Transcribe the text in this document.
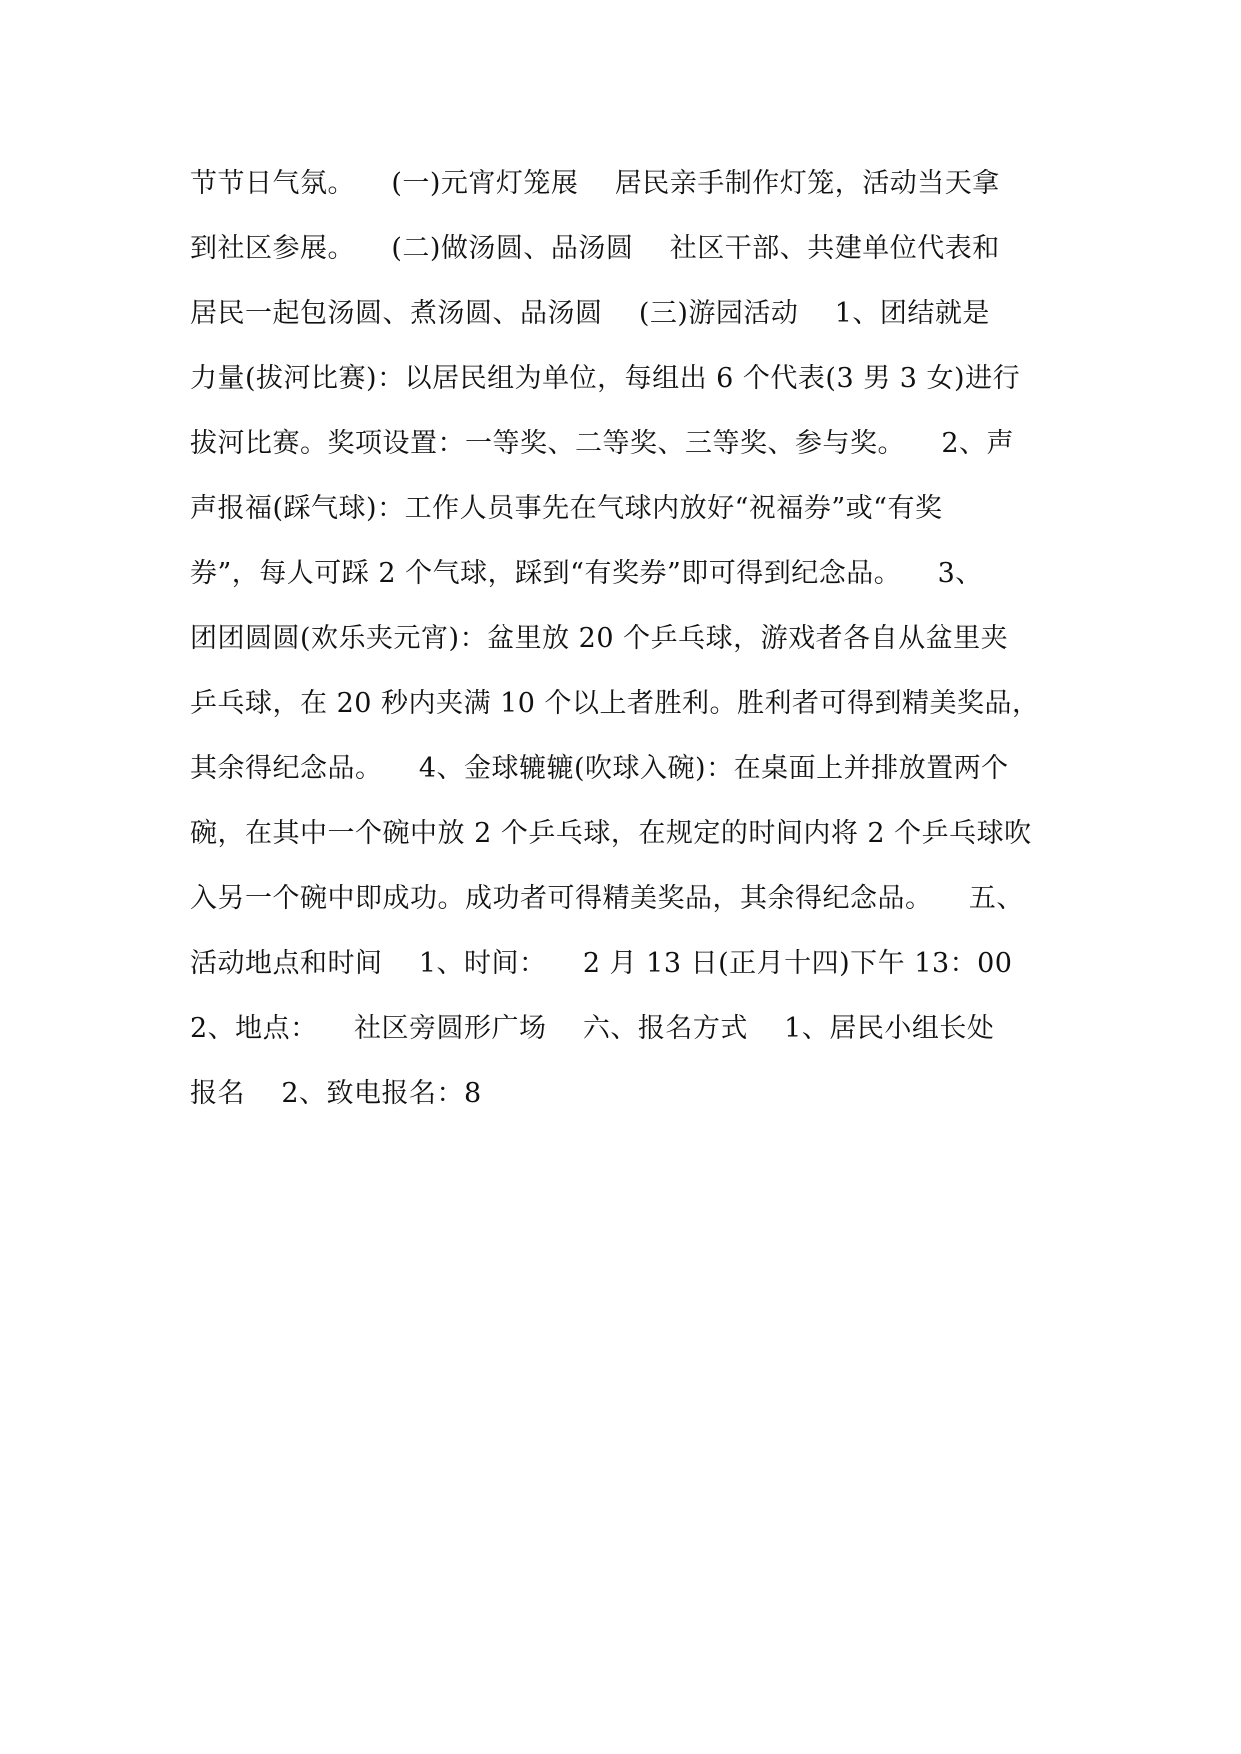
节节日气氛。    (一)元宵灯笼展    居民亲手制作灯笼，活动当天拿
到社区参展。    (二)做汤圆、品汤圆    社区干部、共建单位代表和
居民一起包汤圆、煮汤圆、品汤圆    (三)游园活动    1、团结就是
力量(拔河比赛)：以居民组为单位，每组出 6 个代表(3 男 3 女)进行
拔河比赛。奖项设置：一等奖、二等奖、三等奖、参与奖。    2、声
声报福(踩气球)：工作人员事先在气球内放好“祝福券”或“有奖
券”，每人可踩 2 个气球，踩到“有奖券”即可得到纪念品。    3、
团团圆圆(欢乐夹元宵)：盆里放 20 个乒乓球，游戏者各自从盆里夹
乒乓球，在 20 秒内夹满 10 个以上者胜利。胜利者可得到精美奖品，
其余得纪念品。    4、金球辘辘(吹球入碗)：在桌面上并排放置两个
碗，在其中一个碗中放 2 个乒乓球，在规定的时间内将 2 个乒乓球吹
入另一个碗中即成功。成功者可得精美奖品，其余得纪念品。    五、
活动地点和时间    1、时间：    2 月 13 日(正月十四)下午 13：00
2、地点：    社区旁圆形广场    六、报名方式    1、居民小组长处
报名    2、致电报名：8
